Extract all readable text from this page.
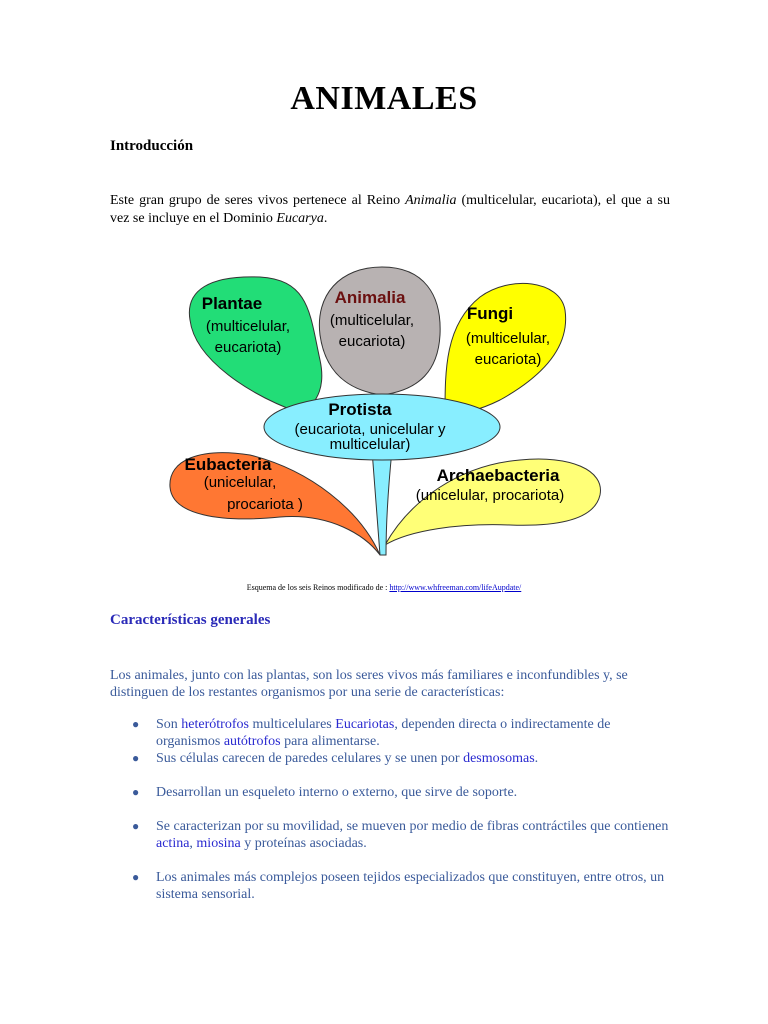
ANIMALES
Introducción

Este gran grupo de seres vivos pertenece al Reino Animalia (multicelular, eucariota), el que a su vez se incluye en el Dominio Eucarya.

Plantae
(multicelular,
eucariota)
Animalia
(multicelular,
eucariota)
Fungi
(multicelular,
eucariota)
Protista
(eucariota, unicelular y
multicelular)
Eubacteria
(unicelular,
procariota )
Archaebacteria
(unicelular, procariota)

Esquema de los seis Reinos modificado de : http://www.whfreeman.com/lifeAupdate/

Características generales

Los animales, junto con las plantas, son los seres vivos más familiares e inconfundibles y, se distinguen de los restantes organismos por una serie de características:

● Son heterótrofos multicelulares Eucariotas, dependen directa o indirectamente de organismos autótrofos para alimentarse.
● Sus células carecen de paredes celulares y se unen por desmosomas.
● Desarrollan un esqueleto interno o externo, que sirve de soporte.
● Se caracterizan por su movilidad, se mueven por medio de fibras contráctiles que contienen actina, miosina y proteínas asociadas.
● Los animales más complejos poseen tejidos especializados que constituyen, entre otros, un sistema sensorial.
